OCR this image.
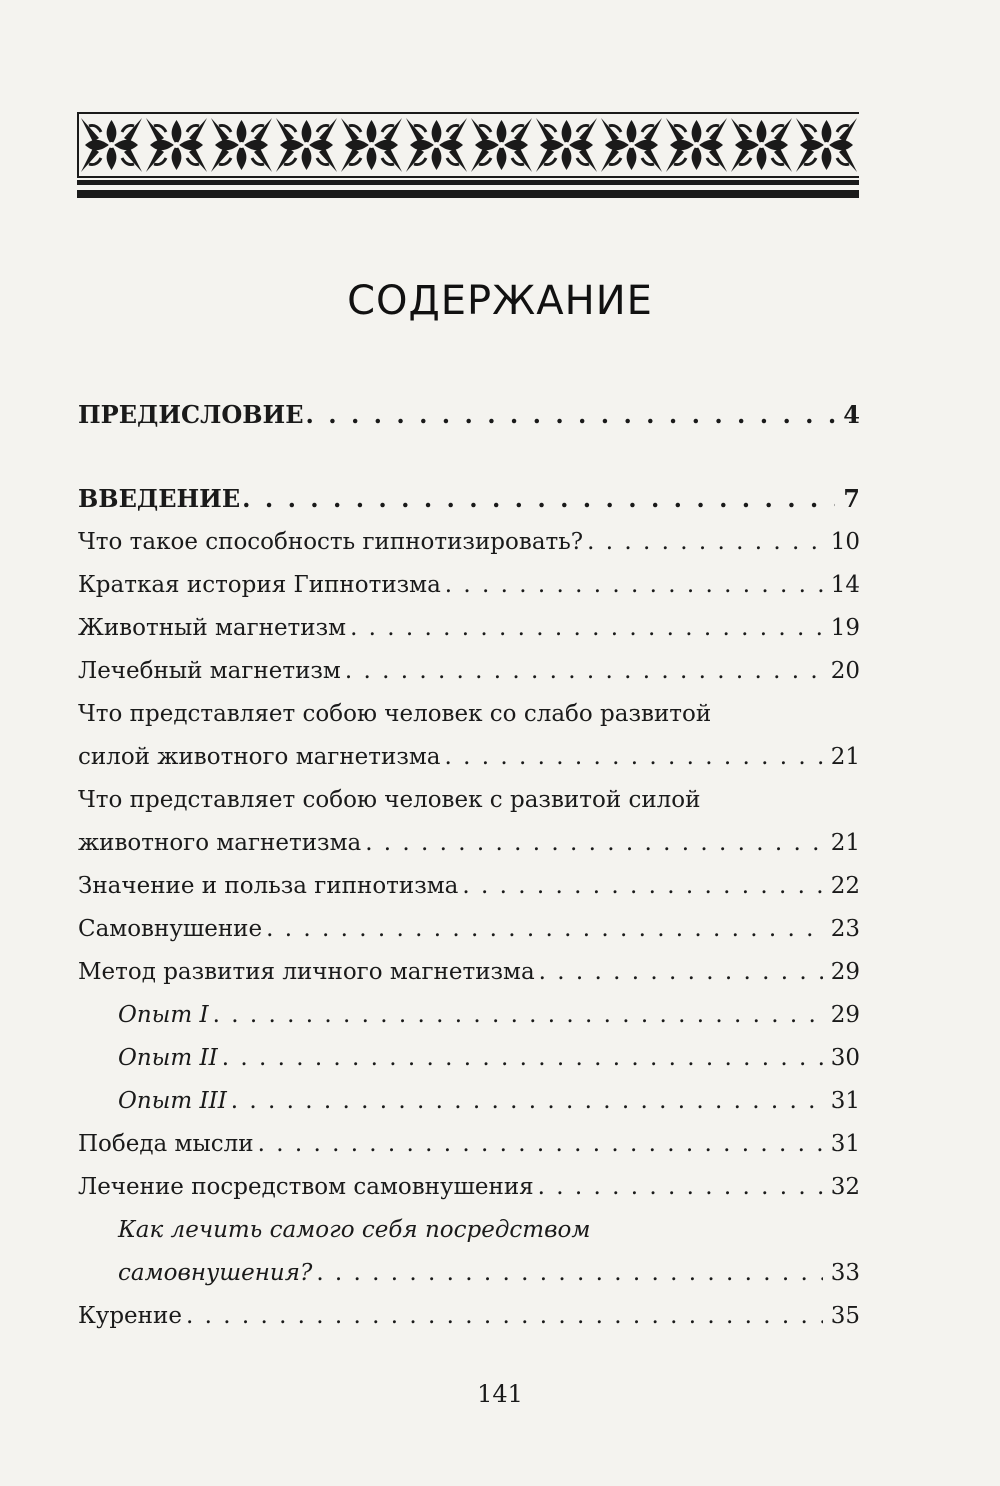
СОДЕРЖАНИЕ
ПРЕДИСЛОВИЕ . . .	4
ВВЕДЕНИЕ . . .	7
Что такое способность гипнотизировать? . . .	10
Краткая история Гипнотизма . . .	14
Животный магнетизм . . .	19
Лечебный магнетизм . . .	20
Что представляет собою человек со слабо развитой
силой животного магнетизма . . .	21
Что представляет собою человек с развитой силой
животного магнетизма . . .	21
Значение и польза гипнотизма . . .	22
Самовнушение . . .	23
Метод развития личного магнетизма . . .	29
Опыт I . . .	29
Опыт II . . .	30
Опыт III . . .	31
Победа мысли . . .	31
Лечение посредством самовнушения . . .	32
Как лечить самого себя посредством
самовнушения? . . .	33
Курение . . .	35
141
